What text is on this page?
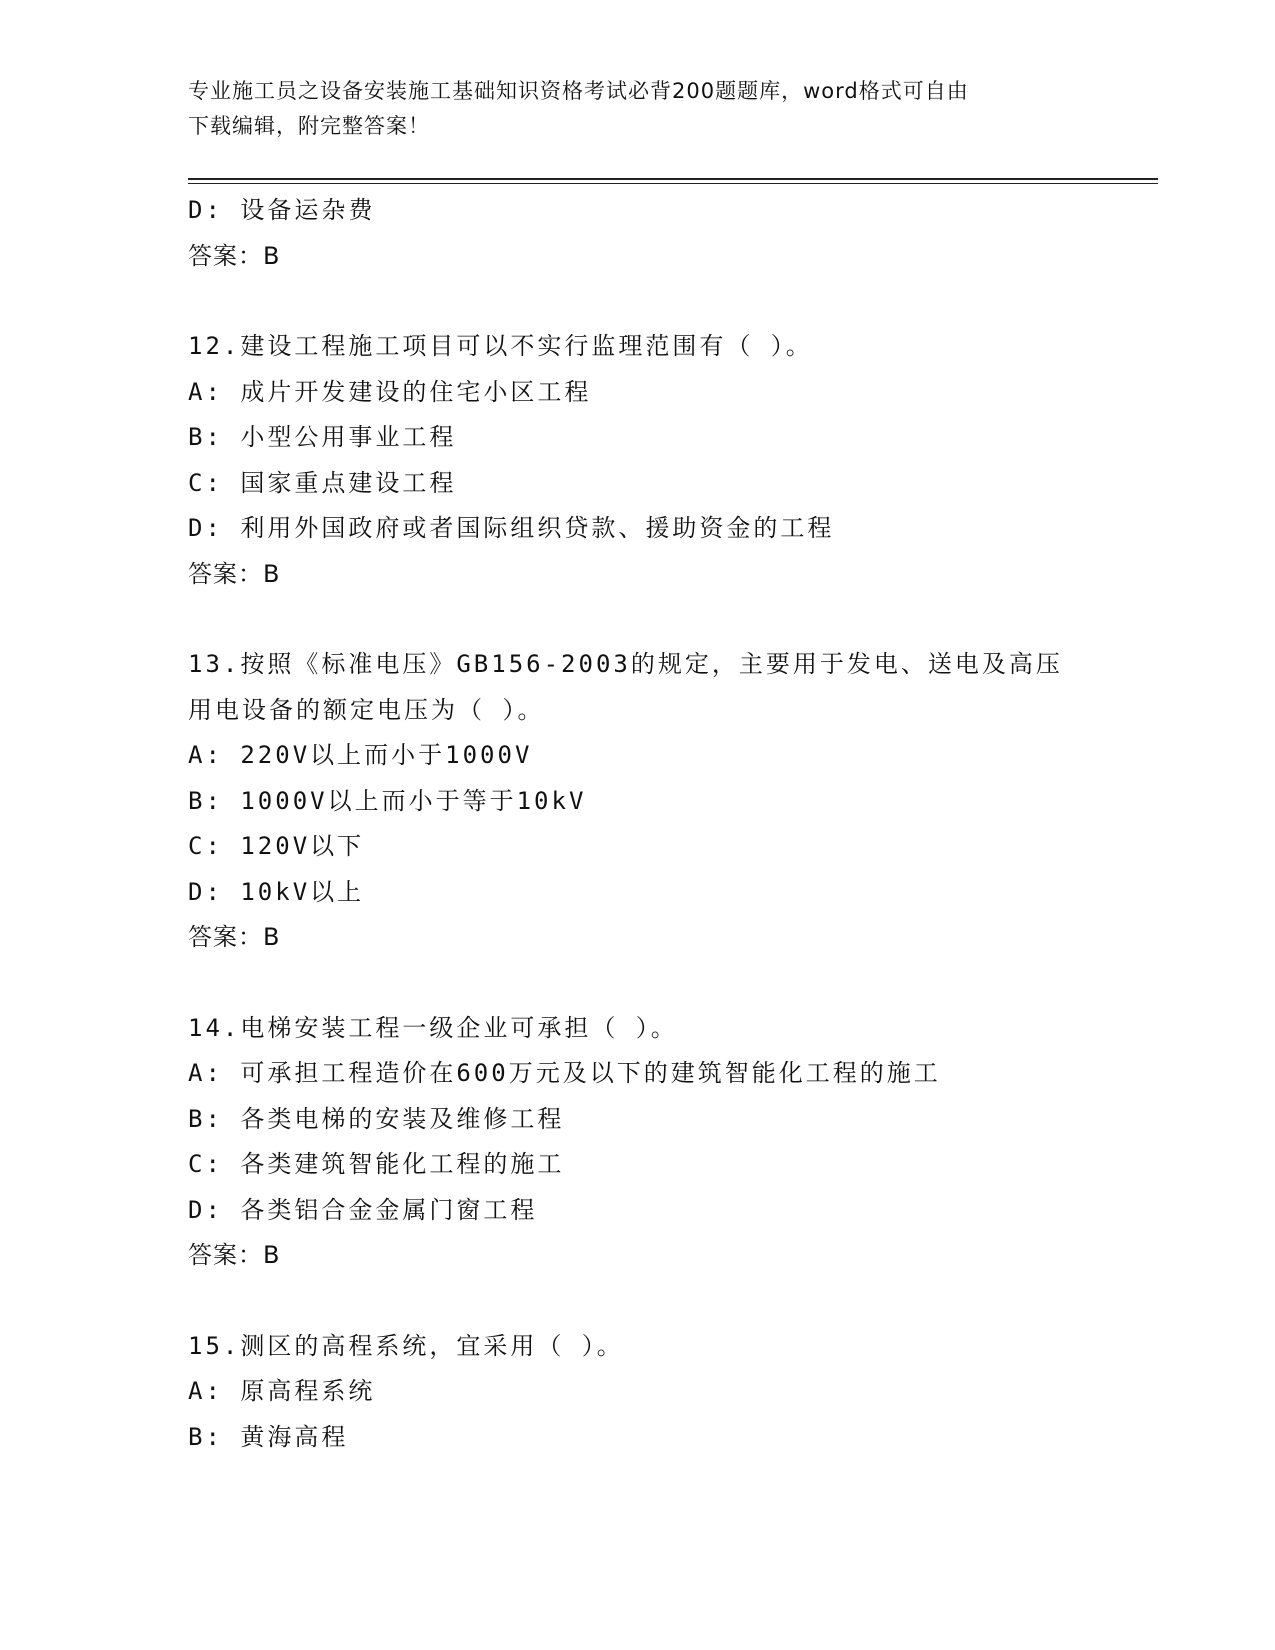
专业施工员之设备安装施工基础知识资格考试必背200题题库，word格式可自由
下载编辑，附完整答案！
D: 设备运杂费
答案：B
12.建设工程施工项目可以不实行监理范围有（ ）。
A: 成片开发建设的住宅小区工程
B: 小型公用事业工程
C: 国家重点建设工程
D: 利用外国政府或者国际组织贷款、援助资金的工程
答案：B
13.按照《标准电压》GB156-2003的规定，主要用于发电、送电及高压
用电设备的额定电压为（ ）。
A: 220V以上而小于1000V
B: 1000V以上而小于等于10kV
C: 120V以下
D: 10kV以上
答案：B
14.电梯安装工程一级企业可承担（ ）。
A: 可承担工程造价在600万元及以下的建筑智能化工程的施工
B: 各类电梯的安装及维修工程
C: 各类建筑智能化工程的施工
D: 各类铝合金金属门窗工程
答案：B
15.测区的高程系统，宜采用（ ）。
A: 原高程系统
B: 黄海高程
